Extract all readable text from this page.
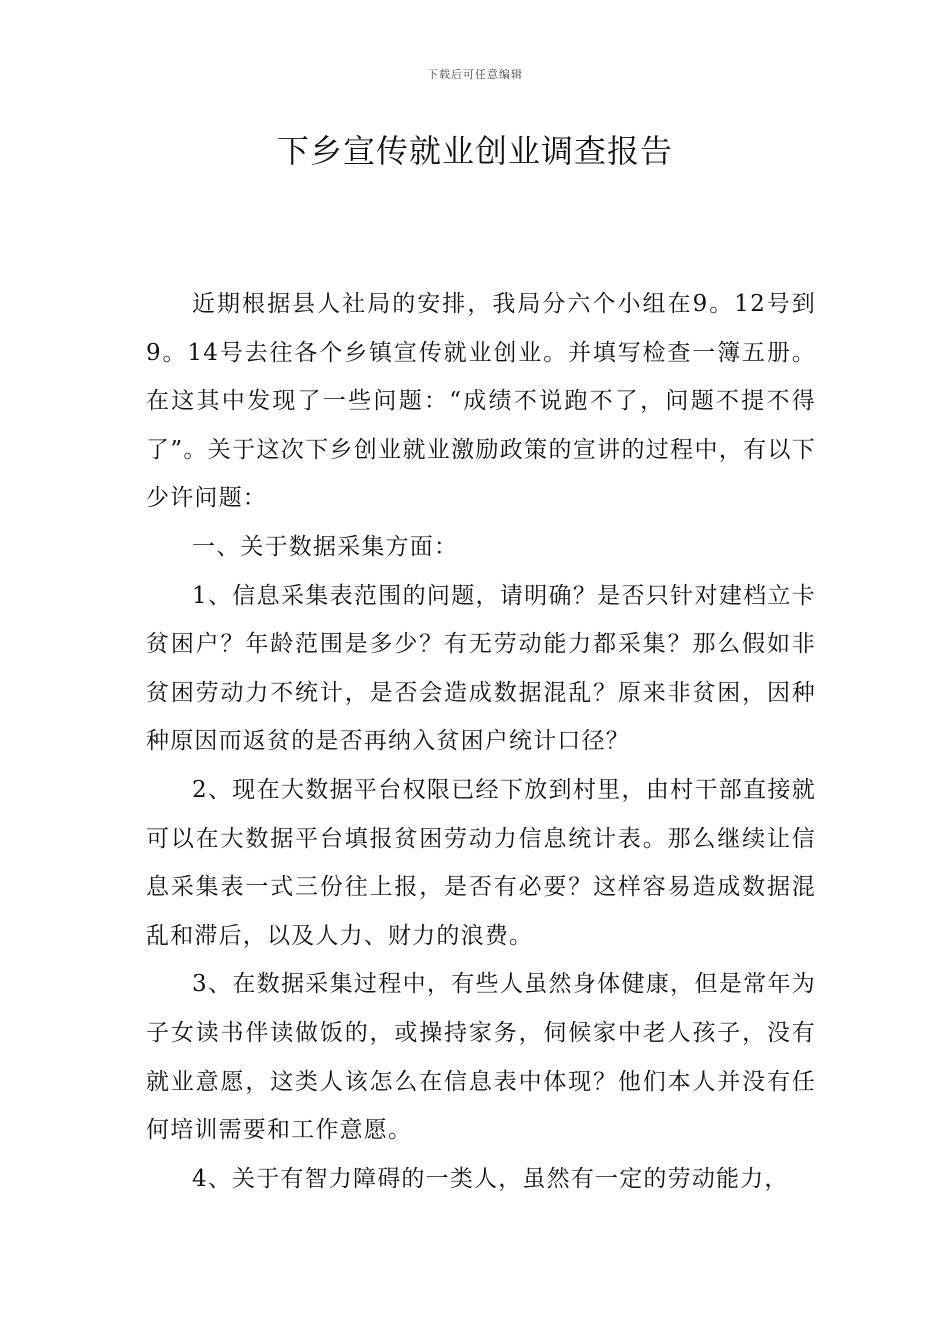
下载后可任意编辑
下乡宣传就业创业调查报告

近期根据县人社局的安排，我局分六个小组在9。12号到9。14号去往各个乡镇宣传就业创业。并填写检查一簿五册。在这其中发现了一些问题：“成绩不说跑不了，问题不提不得了”。关于这次下乡创业就业激励政策的宣讲的过程中，有以下少许问题：

一、关于数据采集方面：

1、信息采集表范围的问题，请明确？是否只针对建档立卡贫困户？年龄范围是多少？有无劳动能力都采集？那么假如非贫困劳动力不统计，是否会造成数据混乱？原来非贫困，因种种原因而返贫的是否再纳入贫困户统计口径？

2、现在大数据平台权限已经下放到村里，由村干部直接就可以在大数据平台填报贫困劳动力信息统计表。那么继续让信息采集表一式三份往上报，是否有必要？这样容易造成数据混乱和滞后，以及人力、财力的浪费。

3、在数据采集过程中，有些人虽然身体健康，但是常年为子女读书伴读做饭的，或操持家务，伺候家中老人孩子，没有就业意愿，这类人该怎么在信息表中体现？他们本人并没有任何培训需要和工作意愿。

4、关于有智力障碍的一类人，虽然有一定的劳动能力，
